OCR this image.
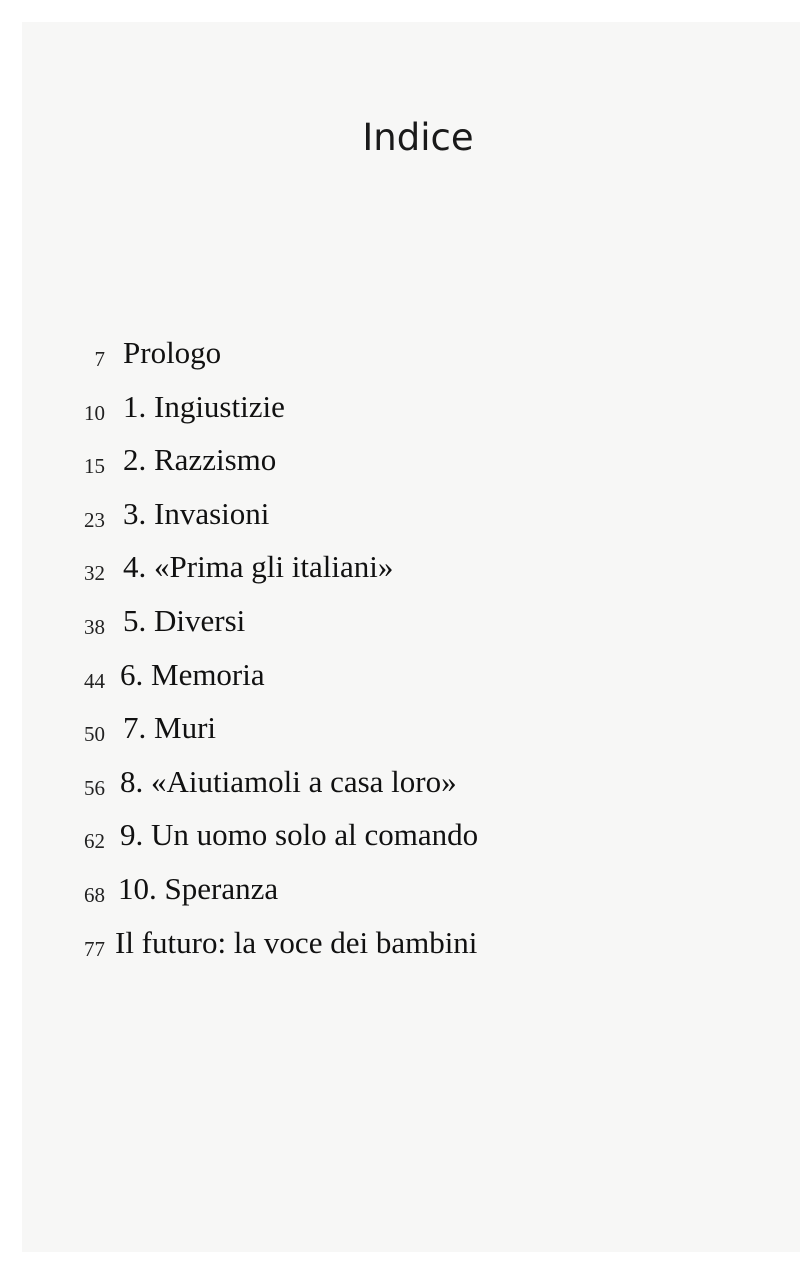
Indice
7 Prologo
10 1. Ingiustizie
15 2. Razzismo
23 3. Invasioni
32 4. «Prima gli italiani»
38 5. Diversi
44 6. Memoria
50 7. Muri
56 8. «Aiutiamoli a casa loro»
62 9. Un uomo solo al comando
68 10. Speranza
77 Il futuro: la voce dei bambini
